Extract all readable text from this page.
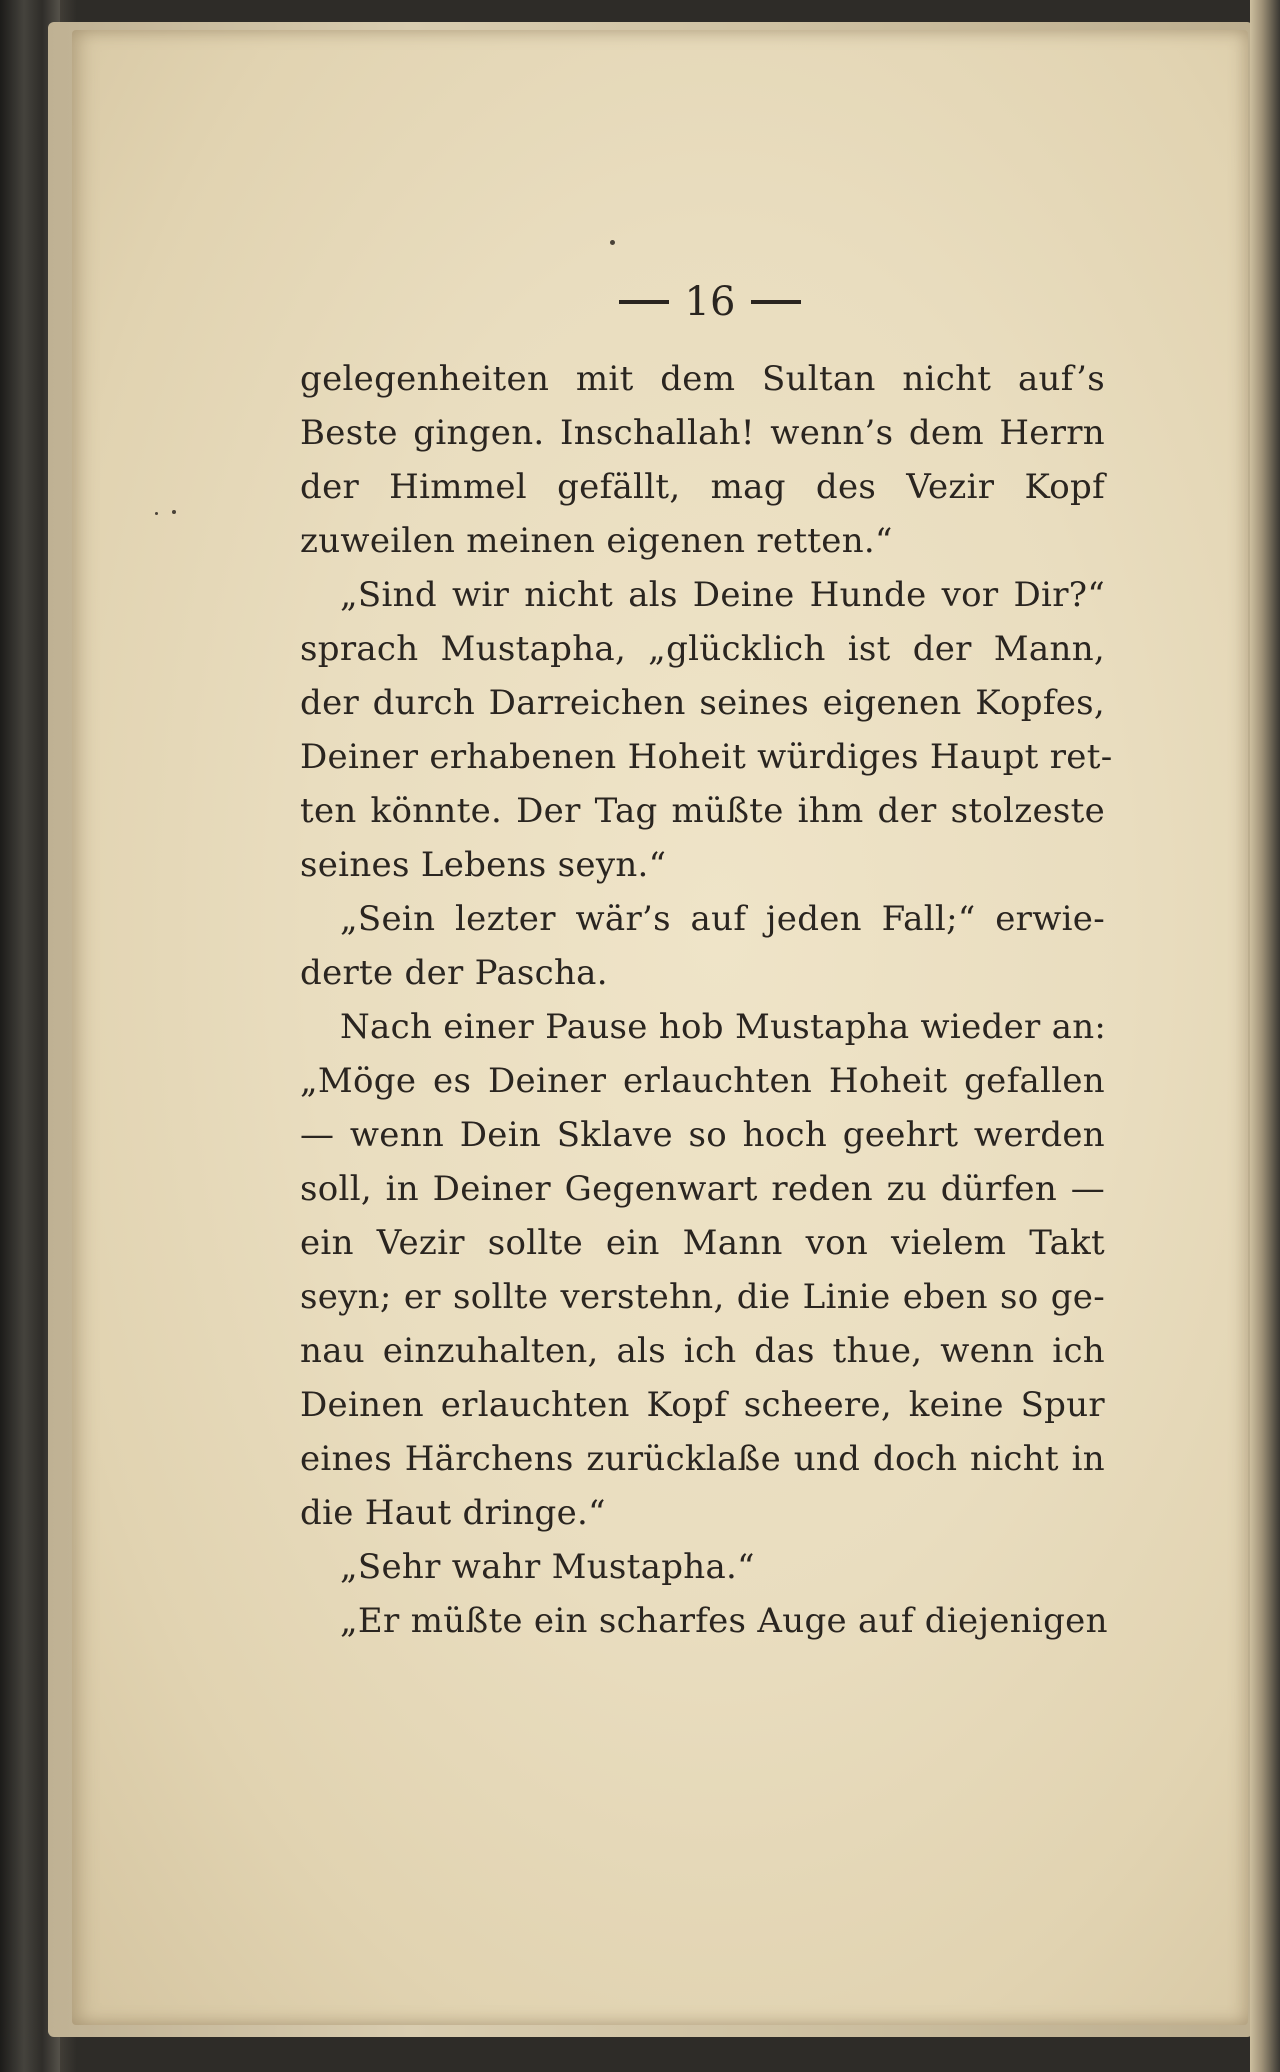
16
gelegenheiten mit dem Sultan nicht auf’s
Beste gingen. Inschallah! wenn’s dem Herrn
der Himmel gefällt, mag des Vezir Kopf
zuweilen meinen eigenen retten.“
„Sind wir nicht als Deine Hunde vor Dir?“
sprach Mustapha, „glücklich ist der Mann,
der durch Darreichen seines eigenen Kopfes,
Deiner erhabenen Hoheit würdiges Haupt ret-
ten könnte. Der Tag müßte ihm der stolzeste
seines Lebens seyn.“
„Sein lezter wär’s auf jeden Fall;“ erwie-
derte der Pascha.
Nach einer Pause hob Mustapha wieder an:
„Möge es Deiner erlauchten Hoheit gefallen
— wenn Dein Sklave so hoch geehrt werden
soll, in Deiner Gegenwart reden zu dürfen —
ein Vezir sollte ein Mann von vielem Takt
seyn; er sollte verstehn, die Linie eben so ge-
nau einzuhalten, als ich das thue, wenn ich
Deinen erlauchten Kopf scheere, keine Spur
eines Härchens zurücklaße und doch nicht in
die Haut dringe.“
„Sehr wahr Mustapha.“
„Er müßte ein scharfes Auge auf diejenigen
